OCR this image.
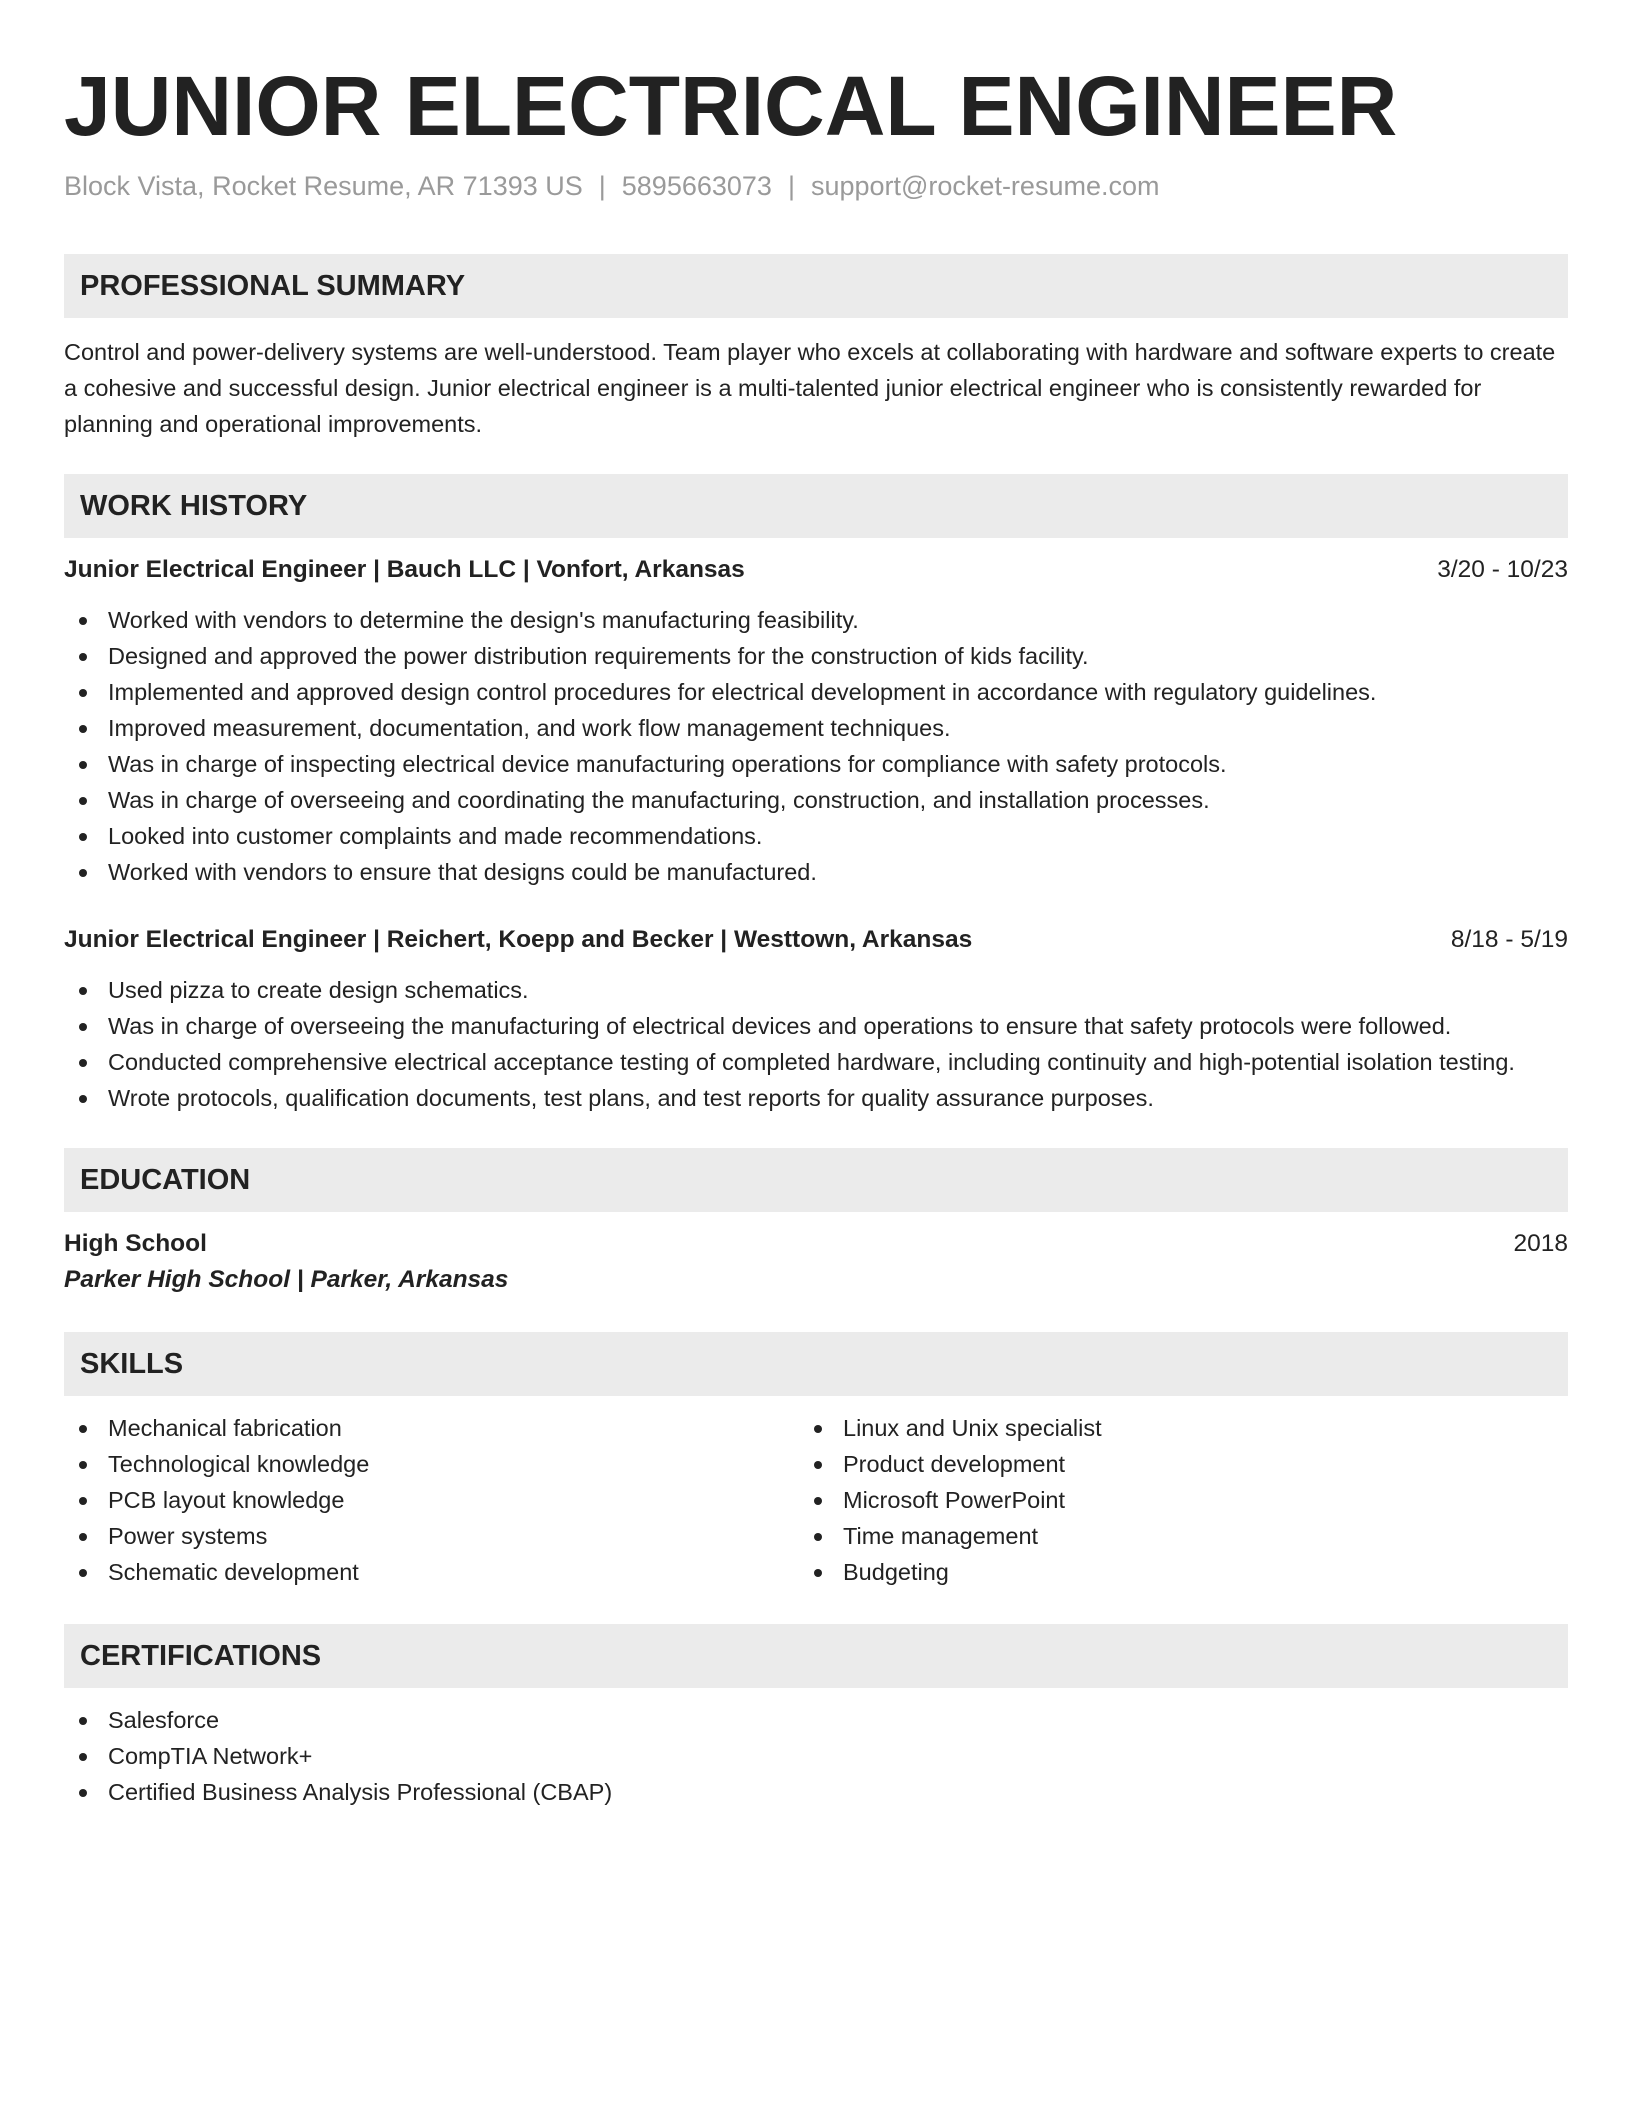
JUNIOR ELECTRICAL ENGINEER
Block Vista, Rocket Resume, AR 71393 US | 5895663073 | support@rocket-resume.com
PROFESSIONAL SUMMARY

Control and power-delivery systems are well-understood. Team player who excels at collaborating with hardware and software experts to create a cohesive and successful design. Junior electrical engineer is a multi-talented junior electrical engineer who is consistently rewarded for planning and operational improvements.

WORK HISTORY
Junior Electrical Engineer | Bauch LLC | Vonfort, Arkansas	3/20 - 10/23
Worked with vendors to determine the design's manufacturing feasibility.
Designed and approved the power distribution requirements for the construction of kids facility.
Implemented and approved design control procedures for electrical development in accordance with regulatory guidelines.
Improved measurement, documentation, and work flow management techniques.
Was in charge of inspecting electrical device manufacturing operations for compliance with safety protocols.
Was in charge of overseeing and coordinating the manufacturing, construction, and installation processes.
Looked into customer complaints and made recommendations.
Worked with vendors to ensure that designs could be manufactured.
Junior Electrical Engineer | Reichert, Koepp and Becker | Westtown, Arkansas	8/18 - 5/19
Used pizza to create design schematics.
Was in charge of overseeing the manufacturing of electrical devices and operations to ensure that safety protocols were followed.
Conducted comprehensive electrical acceptance testing of completed hardware, including continuity and high-potential isolation testing.
Wrote protocols, qualification documents, test plans, and test reports for quality assurance purposes.
EDUCATION
High School	2018
Parker High School | Parker, Arkansas
SKILLS
Mechanical fabrication
Technological knowledge
PCB layout knowledge
Power systems
Schematic development
Linux and Unix specialist
Product development
Microsoft PowerPoint
Time management
Budgeting
CERTIFICATIONS
Salesforce
CompTIA Network+
Certified Business Analysis Professional (CBAP)
